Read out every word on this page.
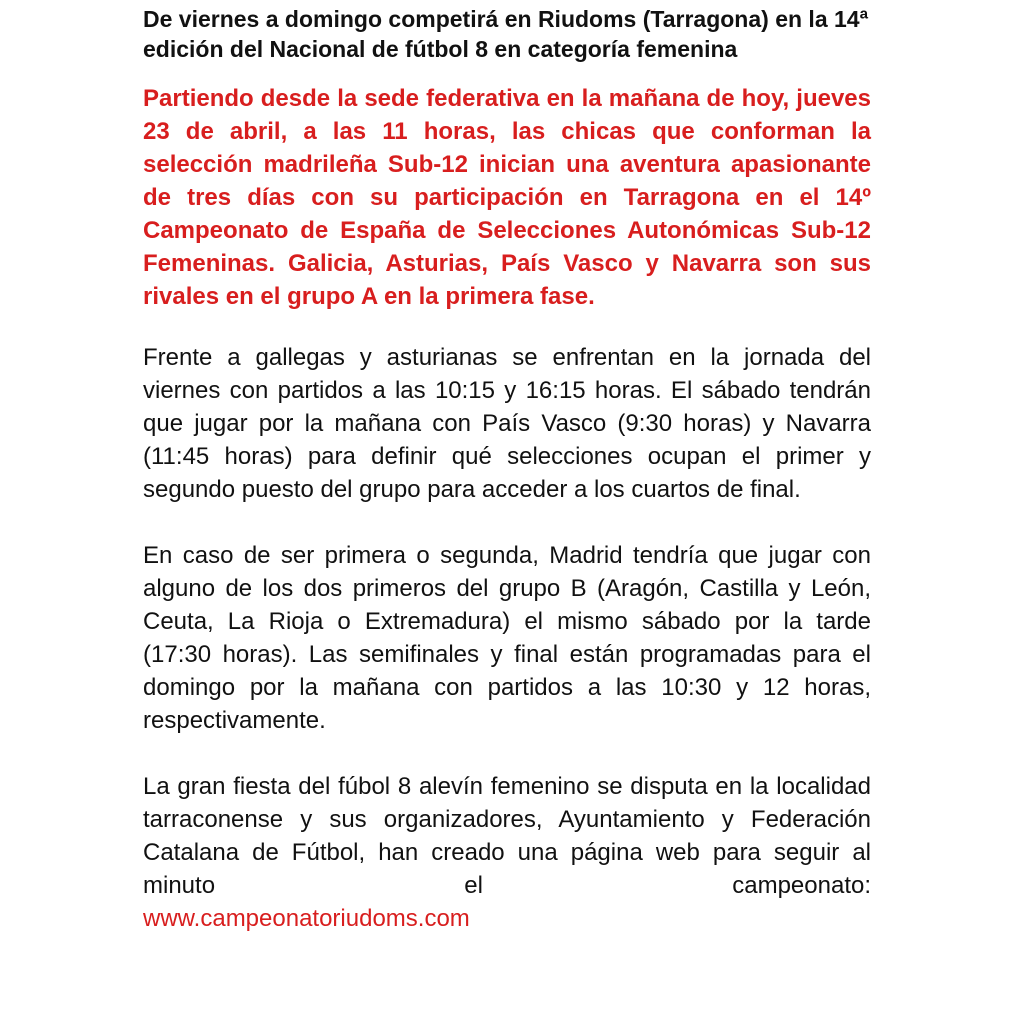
De viernes a domingo competirá en Riudoms (Tarragona) en la 14ª edición del Nacional de fútbol 8 en categoría femenina

Partiendo desde la sede federativa en la mañana de hoy, jueves 23 de abril, a las 11 horas, las chicas que conforman la selección madrileña Sub-12 inician una aventura apasionante de tres días con su participación en Tarragona en el 14º Campeonato de España de Selecciones Autonómicas Sub-12 Femeninas. Galicia, Asturias, País Vasco y Navarra son sus rivales en el grupo A en la primera fase.

Frente a gallegas y asturianas se enfrentan en la jornada del viernes con partidos a las 10:15 y 16:15 horas. El sábado tendrán que jugar por la mañana con País Vasco (9:30 horas) y Navarra (11:45 horas) para definir qué selecciones ocupan el primer y segundo puesto del grupo para acceder a los cuartos de final.

En caso de ser primera o segunda, Madrid tendría que jugar con alguno de los dos primeros del grupo B (Aragón, Castilla y León, Ceuta, La Rioja o Extremadura) el mismo sábado por la tarde (17:30 horas). Las semifinales y final están programadas para el domingo por la mañana con partidos a las 10:30 y 12 horas, respectivamente.

La gran fiesta del fúbol 8 alevín femenino se disputa en la localidad tarraconense y sus organizadores, Ayuntamiento y Federación Catalana de Fútbol, han creado una página web para seguir al minuto el campeonato:
www.campeonatoriudoms.com
